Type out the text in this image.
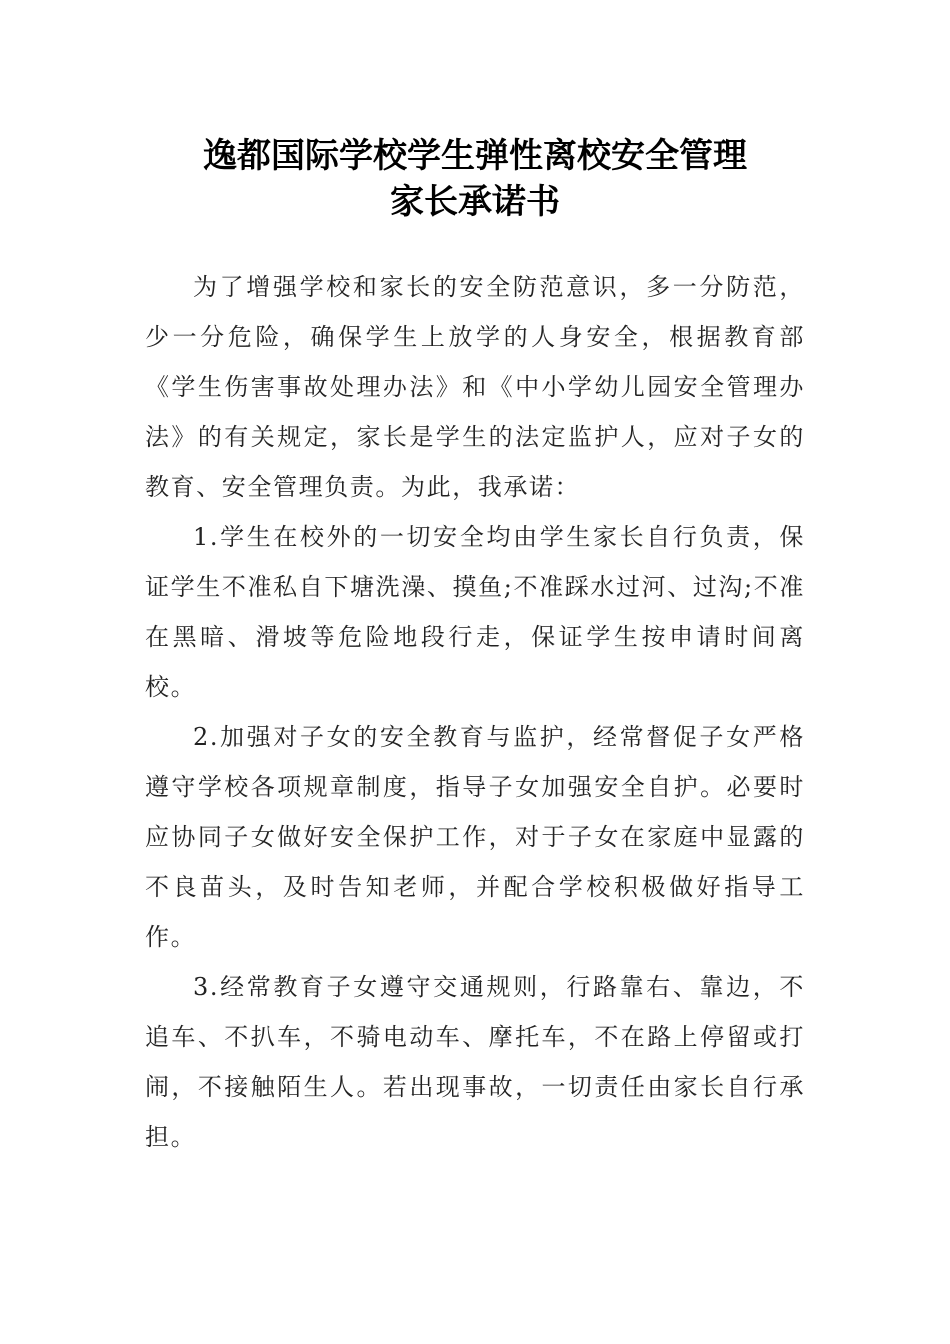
逸都国际学校学生弹性离校安全管理
家长承诺书

为了增强学校和家长的安全防范意识，多一分防范，少一分危险，确保学生上放学的人身安全，根据教育部《学生伤害事故处理办法》和《中小学幼儿园安全管理办法》的有关规定，家长是学生的法定监护人，应对子女的教育、安全管理负责。为此，我承诺：

1.学生在校外的一切安全均由学生家长自行负责，保证学生不准私自下塘洗澡、摸鱼;不准踩水过河、过沟;不准在黑暗、滑坡等危险地段行走，保证学生按申请时间离校。

2.加强对子女的安全教育与监护，经常督促子女严格遵守学校各项规章制度，指导子女加强安全自护。必要时应协同子女做好安全保护工作，对于子女在家庭中显露的不良苗头，及时告知老师，并配合学校积极做好指导工作。

3.经常教育子女遵守交通规则，行路靠右、靠边，不追车、不扒车，不骑电动车、摩托车，不在路上停留或打闹，不接触陌生人。若出现事故，一切责任由家长自行承担。
